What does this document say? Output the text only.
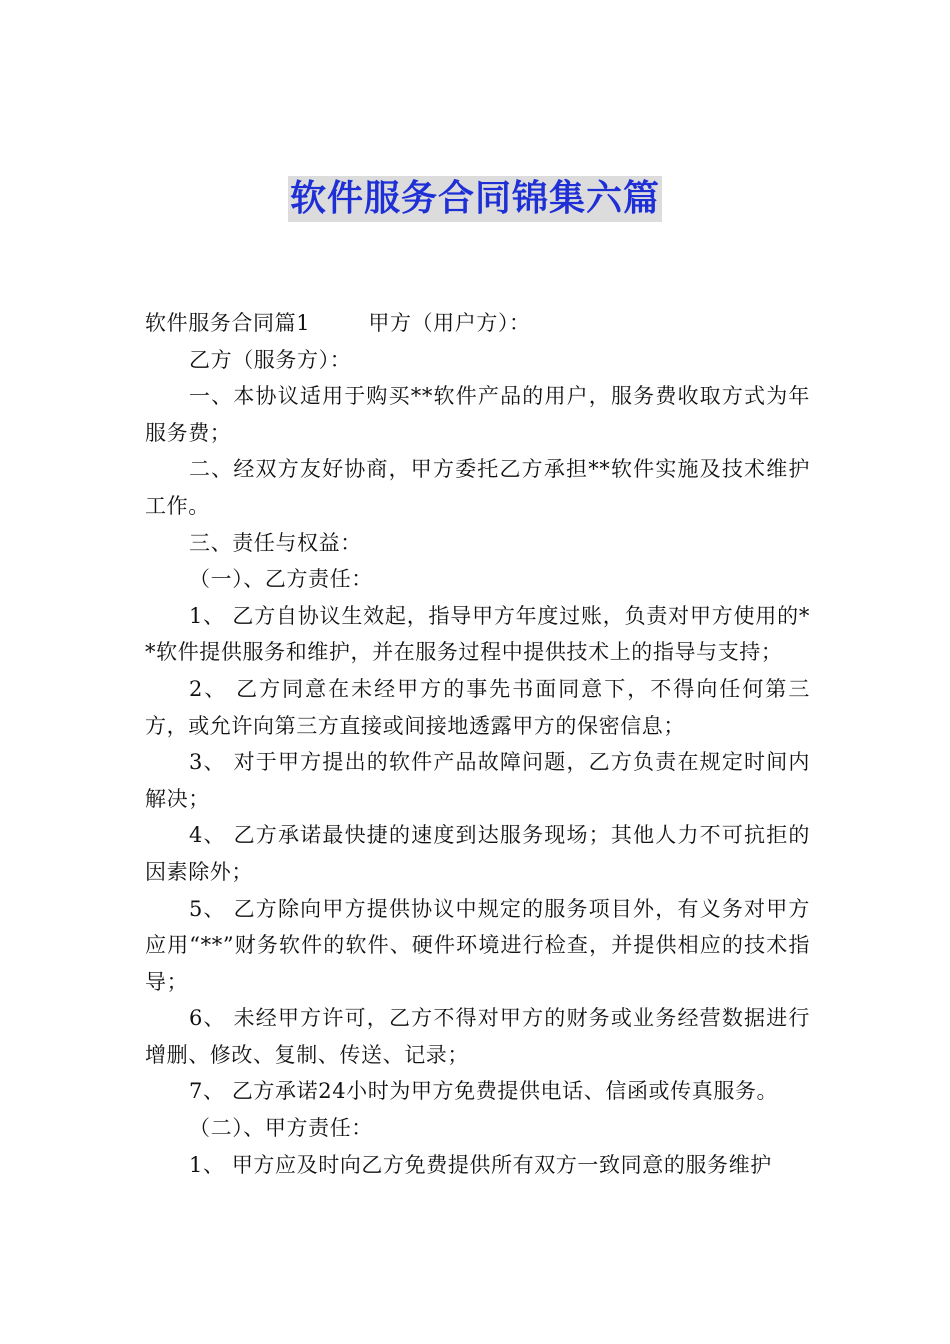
软件服务合同锦集六篇

软件服务合同篇1        甲方（用户方）：

乙方（服务方）：

一、本协议适用于购买**软件产品的用户，服务费收取方式为年服务费；

二、经双方友好协商，甲方委托乙方承担**软件实施及技术维护工作。

三、责任与权益：

（一）、乙方责任：

1、 乙方自协议生效起，指导甲方年度过账，负责对甲方使用的**软件提供服务和维护，并在服务过程中提供技术上的指导与支持；

2、 乙方同意在未经甲方的事先书面同意下，不得向任何第三方，或允许向第三方直接或间接地透露甲方的保密信息；

3、 对于甲方提出的软件产品故障问题，乙方负责在规定时间内解决；

4、 乙方承诺最快捷的速度到达服务现场；其他人力不可抗拒的因素除外；

5、 乙方除向甲方提供协议中规定的服务项目外，有义务对甲方应用“**”财务软件的软件、硬件环境进行检查，并提供相应的技术指导；

6、 未经甲方许可，乙方不得对甲方的财务或业务经营数据进行增删、修改、复制、传送、记录；

7、 乙方承诺24小时为甲方免费提供电话、信函或传真服务。

（二）、甲方责任：

1、 甲方应及时向乙方免费提供所有双方一致同意的服务维护
